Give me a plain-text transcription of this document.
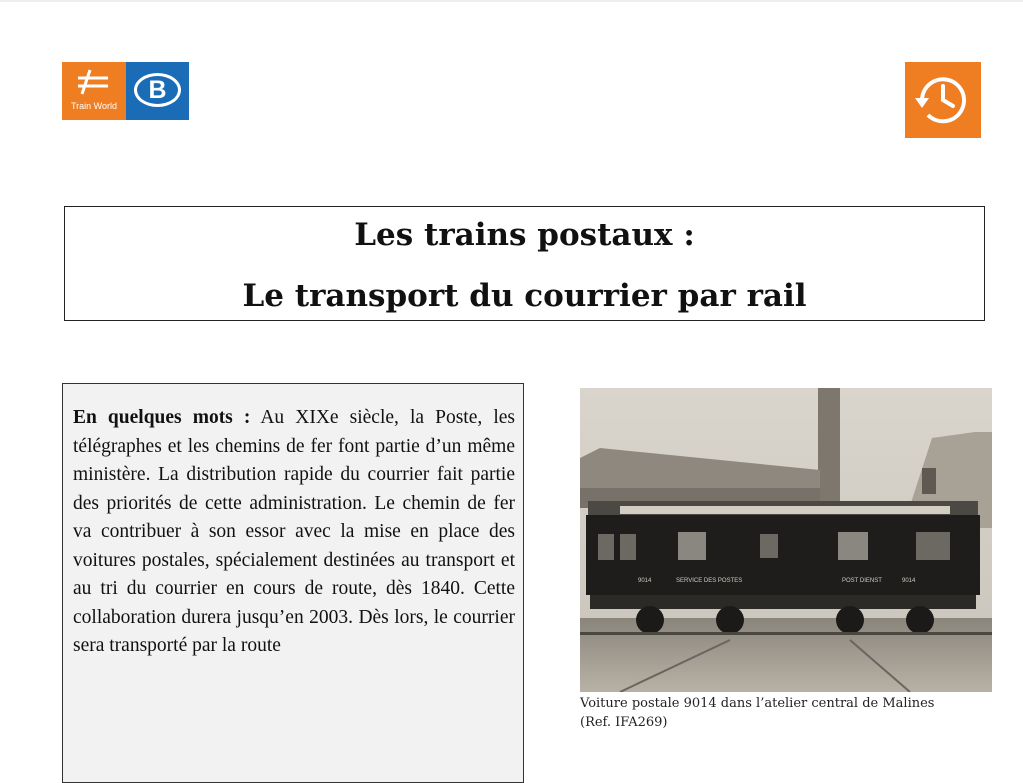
Train World
B
Les trains postaux :
Le transport du courrier par rail

En quelques mots : Au XIXe siècle, la Poste, les télégraphes et les chemins de fer font partie d’un même ministère. La distribution rapide du courrier fait partie des priorités de cette administration. Le chemin de fer va contribuer à son essor avec la mise en place des voitures postales, spécialement destinées au transport et au tri du courrier en cours de route, dès 1840. Cette collaboration durera jusqu’en 2003. Dès lors, le courrier sera transporté par la route

9014	SERVICE DES POSTES	POST DIENST	9014
Voiture postale 9014 dans l’atelier central de Malines
(Ref. IFA269)
